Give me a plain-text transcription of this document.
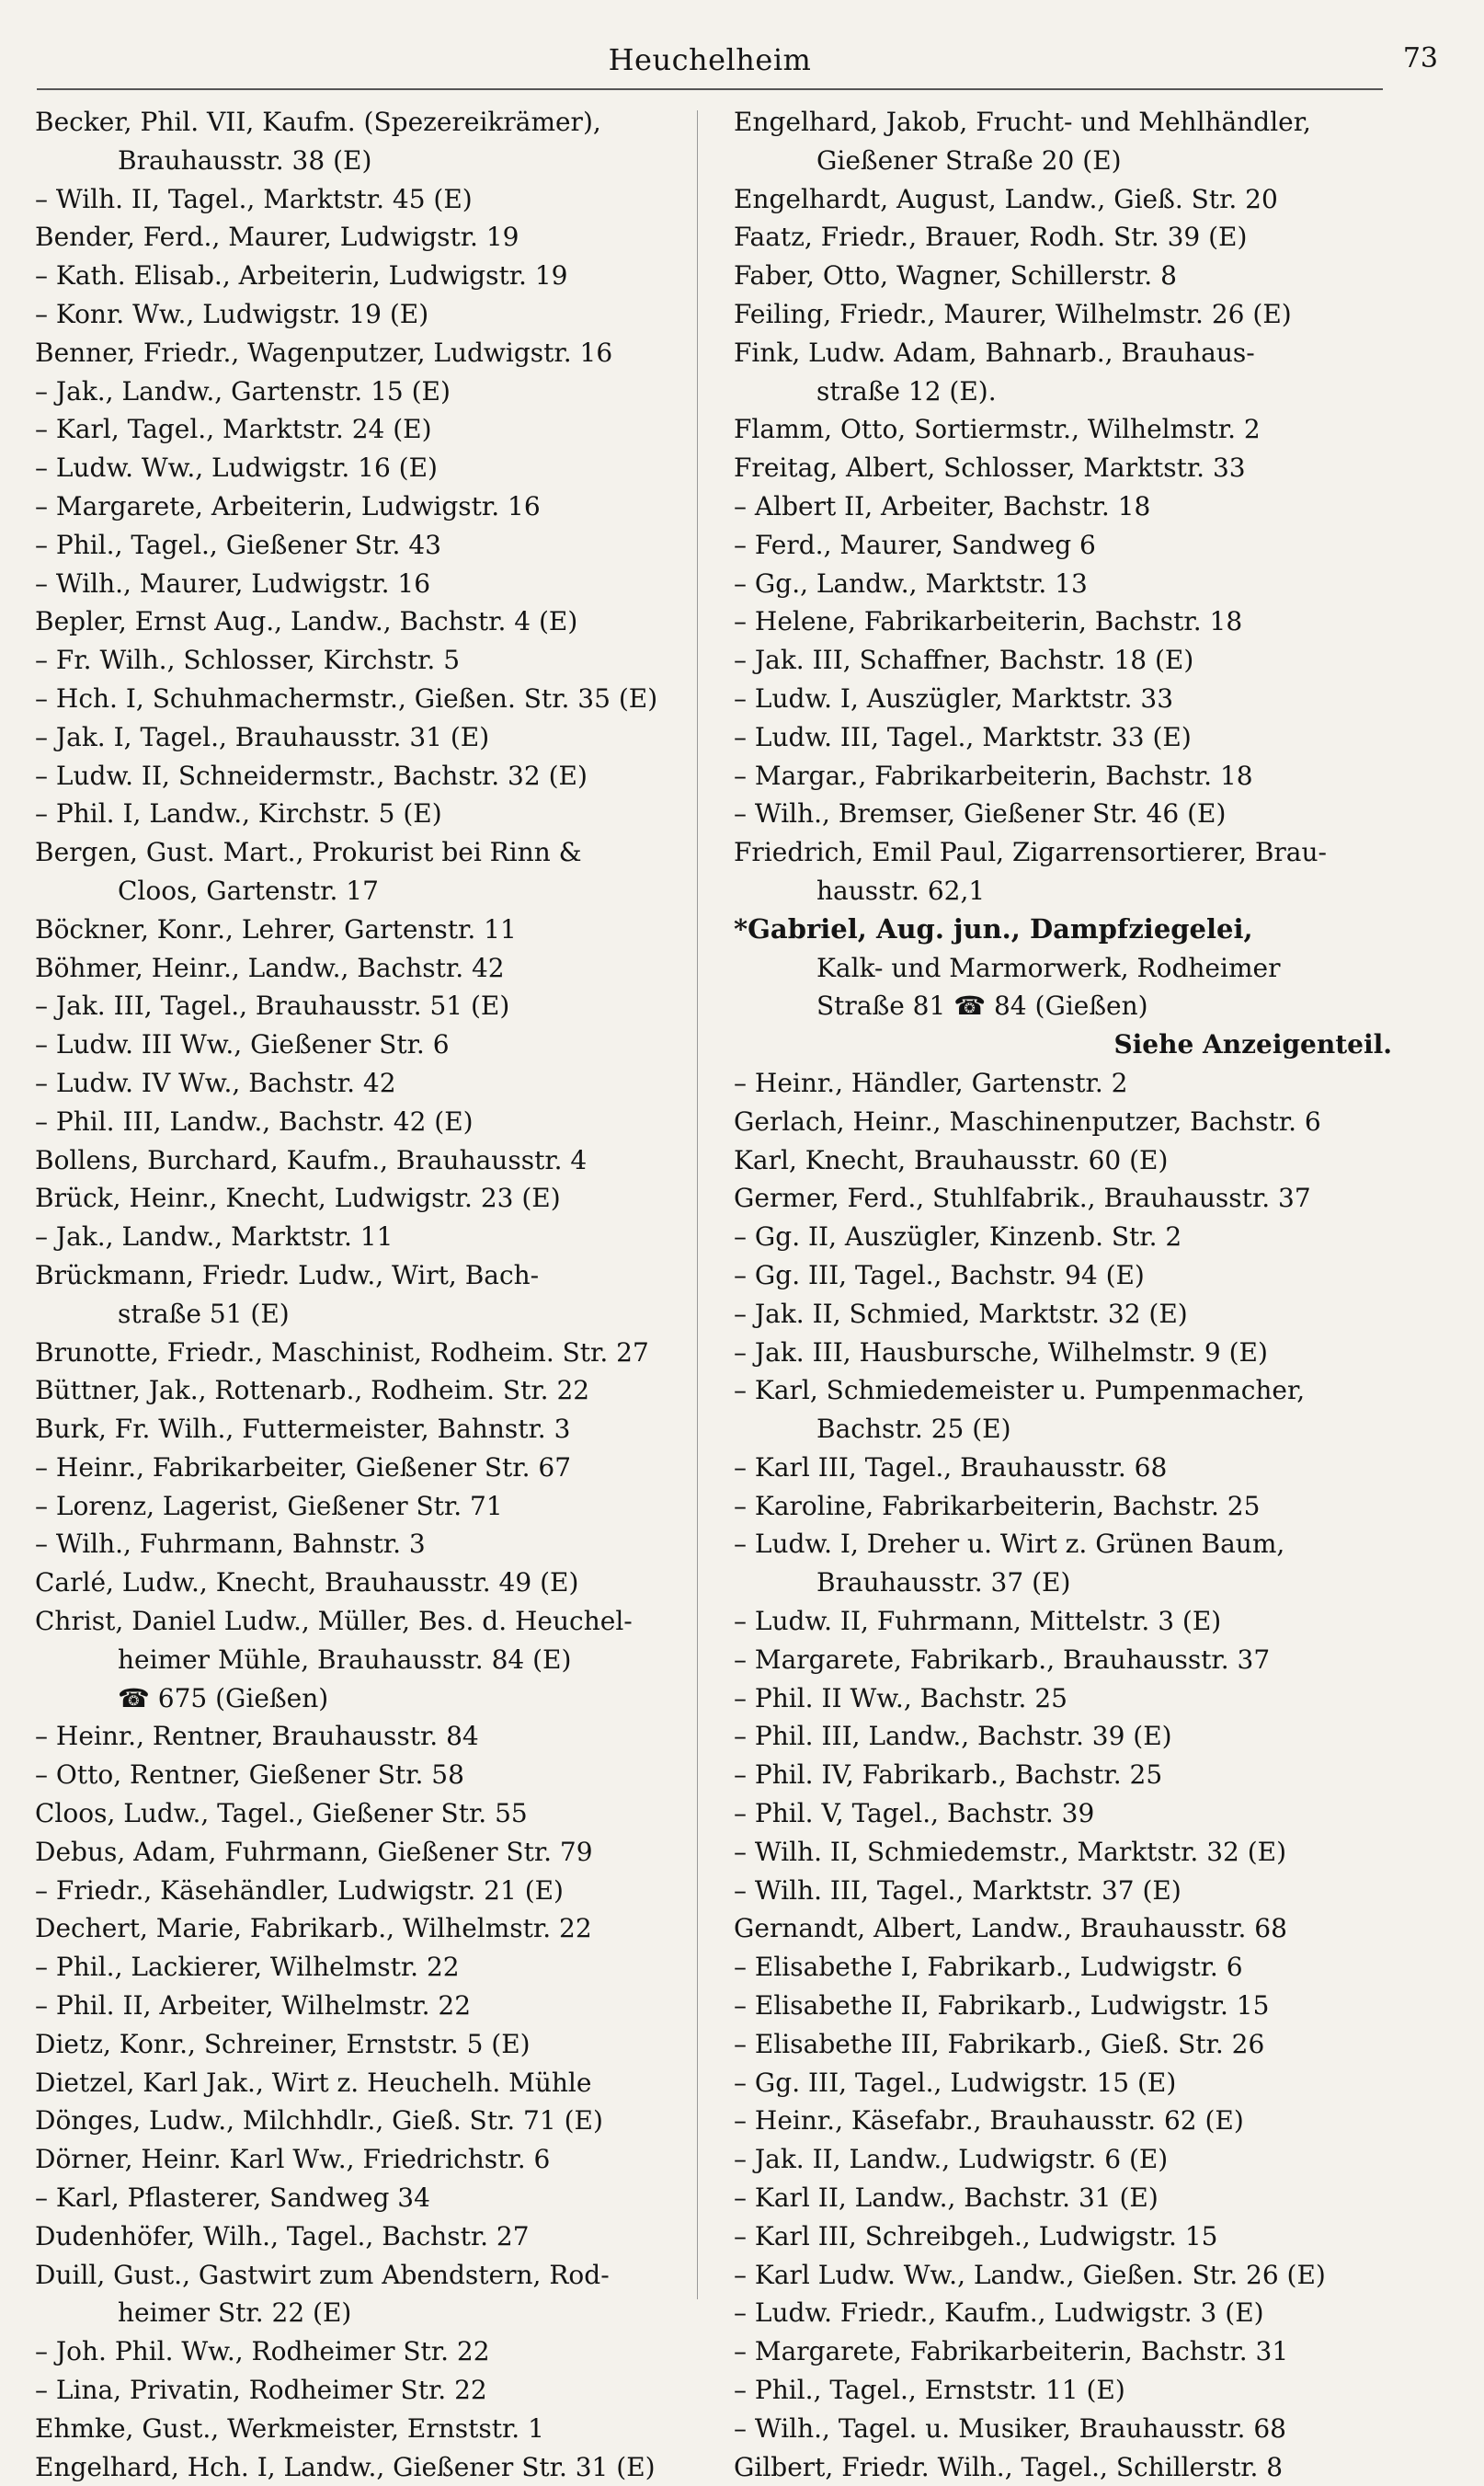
Heuchelheim	73
Becker, Phil. VII, Kaufm. (Spezereikrämer),
Brauhausstr. 38 (E)
– Wilh. II, Tagel., Marktstr. 45 (E)
Bender, Ferd., Maurer, Ludwigstr. 19
– Kath. Elisab., Arbeiterin, Ludwigstr. 19
– Konr. Ww., Ludwigstr. 19 (E)
Benner, Friedr., Wagenputzer, Ludwigstr. 16
– Jak., Landw., Gartenstr. 15 (E)
– Karl, Tagel., Marktstr. 24 (E)
– Ludw. Ww., Ludwigstr. 16 (E)
– Margarete, Arbeiterin, Ludwigstr. 16
– Phil., Tagel., Gießener Str. 43
– Wilh., Maurer, Ludwigstr. 16
Bepler, Ernst Aug., Landw., Bachstr. 4 (E)
– Fr. Wilh., Schlosser, Kirchstr. 5
– Hch. I, Schuhmachermstr., Gießen. Str. 35 (E)
– Jak. I, Tagel., Brauhausstr. 31 (E)
– Ludw. II, Schneidermstr., Bachstr. 32 (E)
– Phil. I, Landw., Kirchstr. 5 (E)
Bergen, Gust. Mart., Prokurist bei Rinn &
Cloos, Gartenstr. 17
Böckner, Konr., Lehrer, Gartenstr. 11
Böhmer, Heinr., Landw., Bachstr. 42
– Jak. III, Tagel., Brauhausstr. 51 (E)
– Ludw. III Ww., Gießener Str. 6
– Ludw. IV Ww., Bachstr. 42
– Phil. III, Landw., Bachstr. 42 (E)
Bollens, Burchard, Kaufm., Brauhausstr. 4
Brück, Heinr., Knecht, Ludwigstr. 23 (E)
– Jak., Landw., Marktstr. 11
Brückmann, Friedr. Ludw., Wirt, Bach-
straße 51 (E)
Brunotte, Friedr., Maschinist, Rodheim. Str. 27
Büttner, Jak., Rottenarb., Rodheim. Str. 22
Burk, Fr. Wilh., Futtermeister, Bahnstr. 3
– Heinr., Fabrikarbeiter, Gießener Str. 67
– Lorenz, Lagerist, Gießener Str. 71
– Wilh., Fuhrmann, Bahnstr. 3
Carlé, Ludw., Knecht, Brauhausstr. 49 (E)
Christ, Daniel Ludw., Müller, Bes. d. Heuchel-
heimer Mühle, Brauhausstr. 84 (E)
☎ 675 (Gießen)
– Heinr., Rentner, Brauhausstr. 84
– Otto, Rentner, Gießener Str. 58
Cloos, Ludw., Tagel., Gießener Str. 55
Debus, Adam, Fuhrmann, Gießener Str. 79
– Friedr., Käsehändler, Ludwigstr. 21 (E)
Dechert, Marie, Fabrikarb., Wilhelmstr. 22
– Phil., Lackierer, Wilhelmstr. 22
– Phil. II, Arbeiter, Wilhelmstr. 22
Dietz, Konr., Schreiner, Ernststr. 5 (E)
Dietzel, Karl Jak., Wirt z. Heuchelh. Mühle
Dönges, Ludw., Milchhdlr., Gieß. Str. 71 (E)
Dörner, Heinr. Karl Ww., Friedrichstr. 6
– Karl, Pflasterer, Sandweg 34
Dudenhöfer, Wilh., Tagel., Bachstr. 27
Duill, Gust., Gastwirt zum Abendstern, Rod-
heimer Str. 22 (E)
– Joh. Phil. Ww., Rodheimer Str. 22
– Lina, Privatin, Rodheimer Str. 22
Ehmke, Gust., Werkmeister, Ernststr. 1
Engelhard, Hch. I, Landw., Gießener Str. 31 (E)
Engelhard, Jakob, Frucht- und Mehlhändler,
Gießener Straße 20 (E)
Engelhardt, August, Landw., Gieß. Str. 20
Faatz, Friedr., Brauer, Rodh. Str. 39 (E)
Faber, Otto, Wagner, Schillerstr. 8
Feiling, Friedr., Maurer, Wilhelmstr. 26 (E)
Fink, Ludw. Adam, Bahnarb., Brauhaus-
straße 12 (E).
Flamm, Otto, Sortiermstr., Wilhelmstr. 2
Freitag, Albert, Schlosser, Marktstr. 33
– Albert II, Arbeiter, Bachstr. 18
– Ferd., Maurer, Sandweg 6
– Gg., Landw., Marktstr. 13
– Helene, Fabrikarbeiterin, Bachstr. 18
– Jak. III, Schaffner, Bachstr. 18 (E)
– Ludw. I, Auszügler, Marktstr. 33
– Ludw. III, Tagel., Marktstr. 33 (E)
– Margar., Fabrikarbeiterin, Bachstr. 18
– Wilh., Bremser, Gießener Str. 46 (E)
Friedrich, Emil Paul, Zigarrensortierer, Brau-
hausstr. 62,1
*Gabriel, Aug. jun., Dampfziegelei,
Kalk- und Marmorwerk, Rodheimer
Straße 81 ☎ 84 (Gießen)
Siehe Anzeigenteil.
– Heinr., Händler, Gartenstr. 2
Gerlach, Heinr., Maschinenputzer, Bachstr. 6
Karl, Knecht, Brauhausstr. 60 (E)
Germer, Ferd., Stuhlfabrik., Brauhausstr. 37
– Gg. II, Auszügler, Kinzenb. Str. 2
– Gg. III, Tagel., Bachstr. 94 (E)
– Jak. II, Schmied, Marktstr. 32 (E)
– Jak. III, Hausbursche, Wilhelmstr. 9 (E)
– Karl, Schmiedemeister u. Pumpenmacher,
Bachstr. 25 (E)
– Karl III, Tagel., Brauhausstr. 68
– Karoline, Fabrikarbeiterin, Bachstr. 25
– Ludw. I, Dreher u. Wirt z. Grünen Baum,
Brauhausstr. 37 (E)
– Ludw. II, Fuhrmann, Mittelstr. 3 (E)
– Margarete, Fabrikarb., Brauhausstr. 37
– Phil. II Ww., Bachstr. 25
– Phil. III, Landw., Bachstr. 39 (E)
– Phil. IV, Fabrikarb., Bachstr. 25
– Phil. V, Tagel., Bachstr. 39
– Wilh. II, Schmiedemstr., Marktstr. 32 (E)
– Wilh. III, Tagel., Marktstr. 37 (E)
Gernandt, Albert, Landw., Brauhausstr. 68
– Elisabethe I, Fabrikarb., Ludwigstr. 6
– Elisabethe II, Fabrikarb., Ludwigstr. 15
– Elisabethe III, Fabrikarb., Gieß. Str. 26
– Gg. III, Tagel., Ludwigstr. 15 (E)
– Heinr., Käsefabr., Brauhausstr. 62 (E)
– Jak. II, Landw., Ludwigstr. 6 (E)
– Karl II, Landw., Bachstr. 31 (E)
– Karl III, Schreibgeh., Ludwigstr. 15
– Karl Ludw. Ww., Landw., Gießen. Str. 26 (E)
– Ludw. Friedr., Kaufm., Ludwigstr. 3 (E)
– Margarete, Fabrikarbeiterin, Bachstr. 31
– Phil., Tagel., Ernststr. 11 (E)
– Wilh., Tagel. u. Musiker, Brauhausstr. 68
Gilbert, Friedr. Wilh., Tagel., Schillerstr. 8
